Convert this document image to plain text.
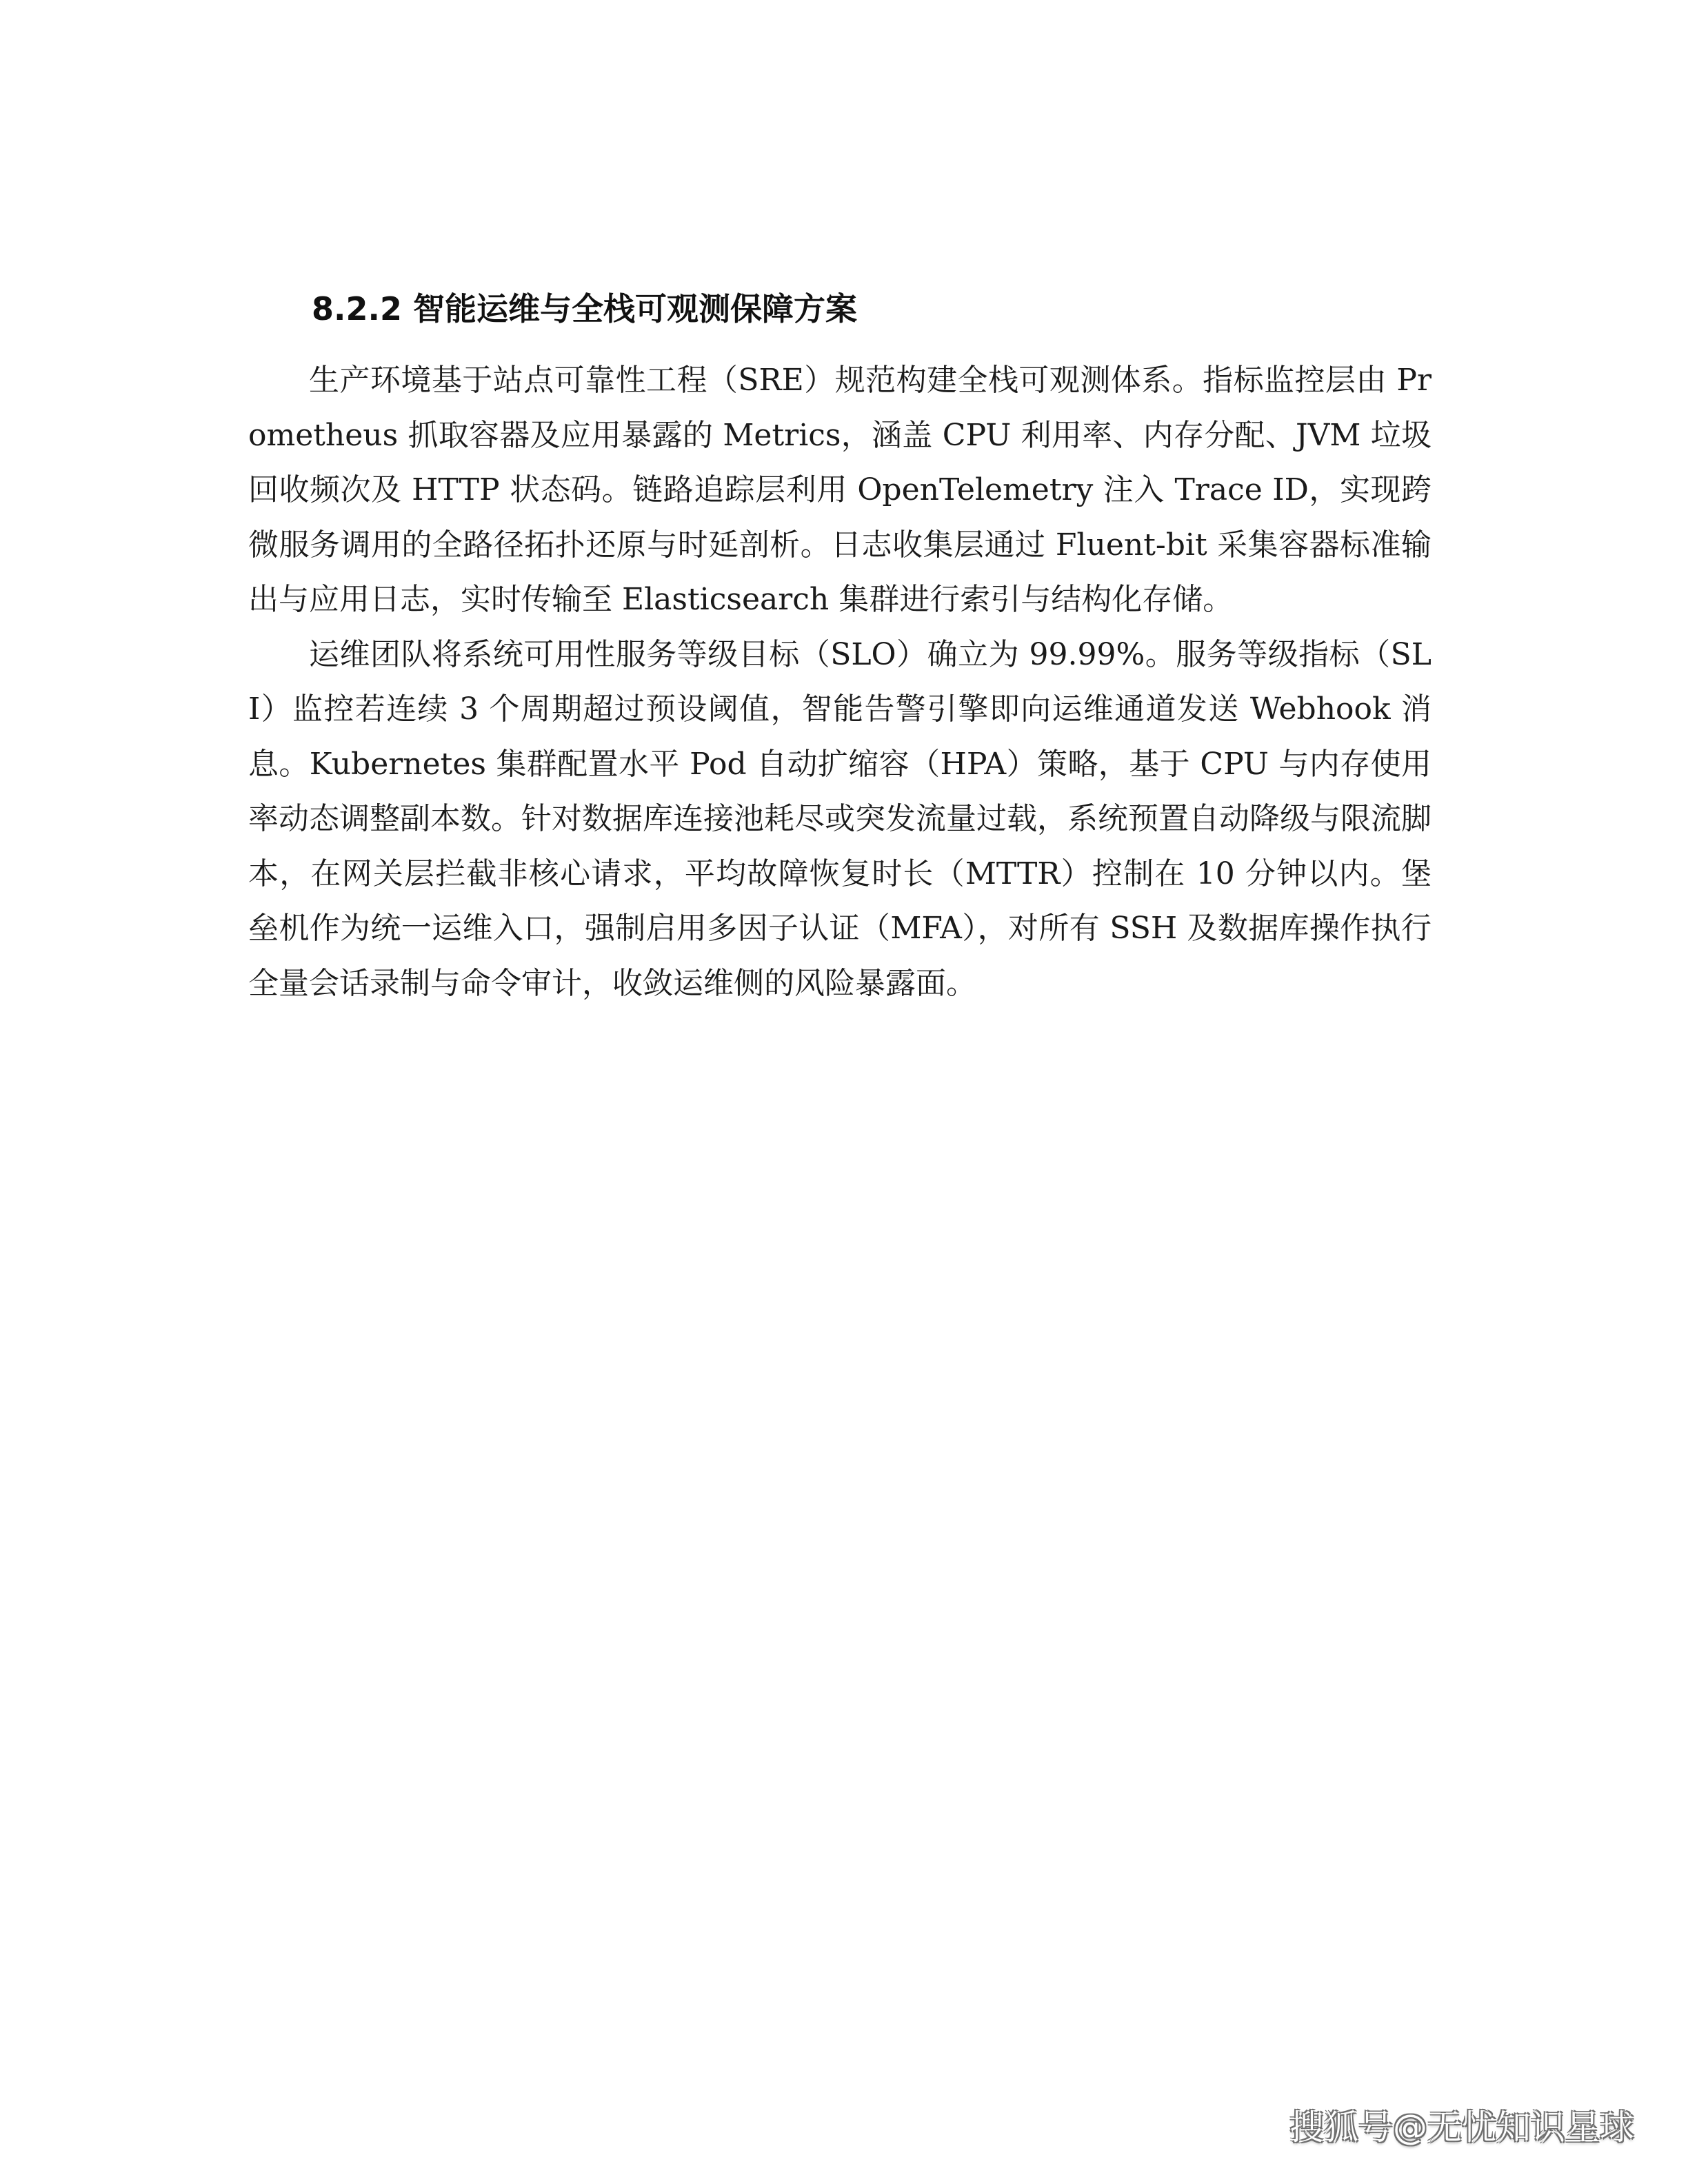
8.2.2 智能运维与全栈可观测保障方案

生产环境基于站点可靠性工程（SRE）规范构建全栈可观测体系。指标监控层由 Prometheus 抓取容器及应用暴露的 Metrics，涵盖 CPU 利用率、内存分配、JVM 垃圾回收频次及 HTTP 状态码。链路追踪层利用 OpenTelemetry 注入 Trace ID，实现跨微服务调用的全路径拓扑还原与时延剖析。日志收集层通过 Fluent-bit 采集容器标准输出与应用日志，实时传输至 Elasticsearch 集群进行索引与结构化存储。

运维团队将系统可用性服务等级目标（SLO）确立为 99.99%。服务等级指标（SLI）监控若连续 3 个周期超过预设阈值，智能告警引擎即向运维通道发送 Webhook 消息。Kubernetes 集群配置水平 Pod 自动扩缩容（HPA）策略，基于 CPU 与内存使用率动态调整副本数。针对数据库连接池耗尽或突发流量过载，系统预置自动降级与限流脚本，在网关层拦截非核心请求，平均故障恢复时长（MTTR）控制在 10 分钟以内。堡垒机作为统一运维入口，强制启用多因子认证（MFA），对所有 SSH 及数据库操作执行全量会话录制与命令审计，收敛运维侧的风险暴露面。

搜狐号@无忧知识星球
